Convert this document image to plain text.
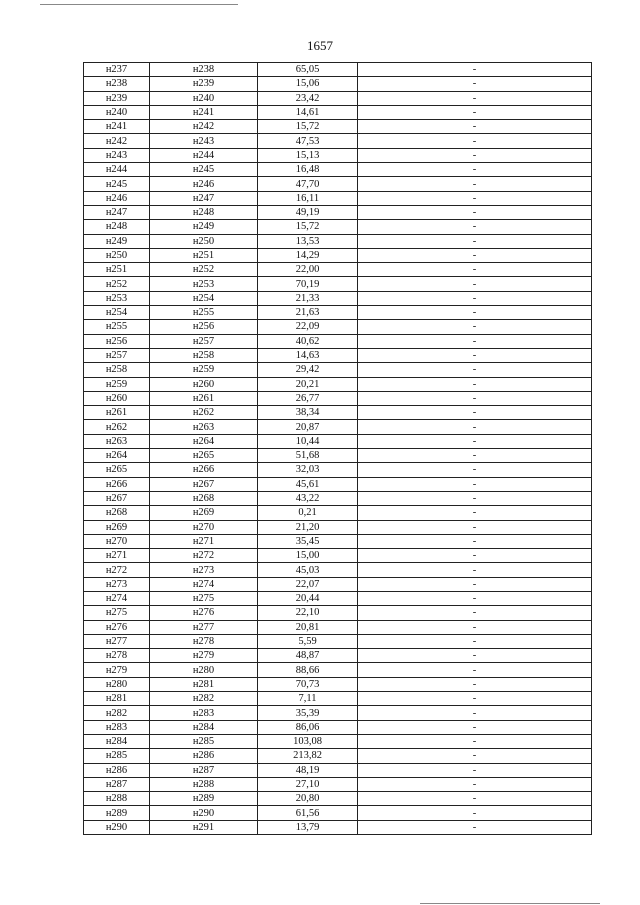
1657
н237	н238	65,05	-
н238	н239	15,06	-
н239	н240	23,42	-
н240	н241	14,61	-
н241	н242	15,72	-
н242	н243	47,53	-
н243	н244	15,13	-
н244	н245	16,48	-
н245	н246	47,70	-
н246	н247	16,11	-
н247	н248	49,19	-
н248	н249	15,72	-
н249	н250	13,53	-
н250	н251	14,29	-
н251	н252	22,00	-
н252	н253	70,19	-
н253	н254	21,33	-
н254	н255	21,63	-
н255	н256	22,09	-
н256	н257	40,62	-
н257	н258	14,63	-
н258	н259	29,42	-
н259	н260	20,21	-
н260	н261	26,77	-
н261	н262	38,34	-
н262	н263	20,87	-
н263	н264	10,44	-
н264	н265	51,68	-
н265	н266	32,03	-
н266	н267	45,61	-
н267	н268	43,22	-
н268	н269	0,21	-
н269	н270	21,20	-
н270	н271	35,45	-
н271	н272	15,00	-
н272	н273	45,03	-
н273	н274	22,07	-
н274	н275	20,44	-
н275	н276	22,10	-
н276	н277	20,81	-
н277	н278	5,59	-
н278	н279	48,87	-
н279	н280	88,66	-
н280	н281	70,73	-
н281	н282	7,11	-
н282	н283	35,39	-
н283	н284	86,06	-
н284	н285	103,08	-
н285	н286	213,82	-
н286	н287	48,19	-
н287	н288	27,10	-
н288	н289	20,80	-
н289	н290	61,56	-
н290	н291	13,79	-
